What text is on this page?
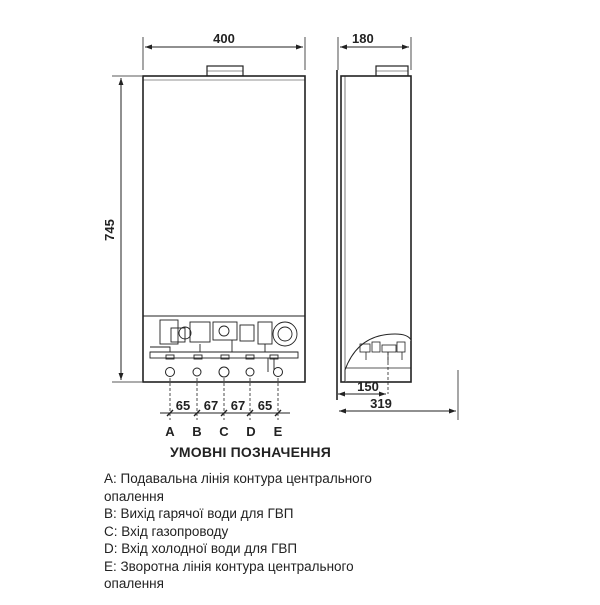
400
745
65 67 67 65
A B C D E
180
150
319
УМОВНІ ПОЗНАЧЕННЯ
A: Подавальна лінія контура центрального опалення
B: Вихід гарячої води для ГВП
C: Вхід газопроводу
D: Вхід холодної води для ГВП
E: Зворотна лінія контура центрального опалення
